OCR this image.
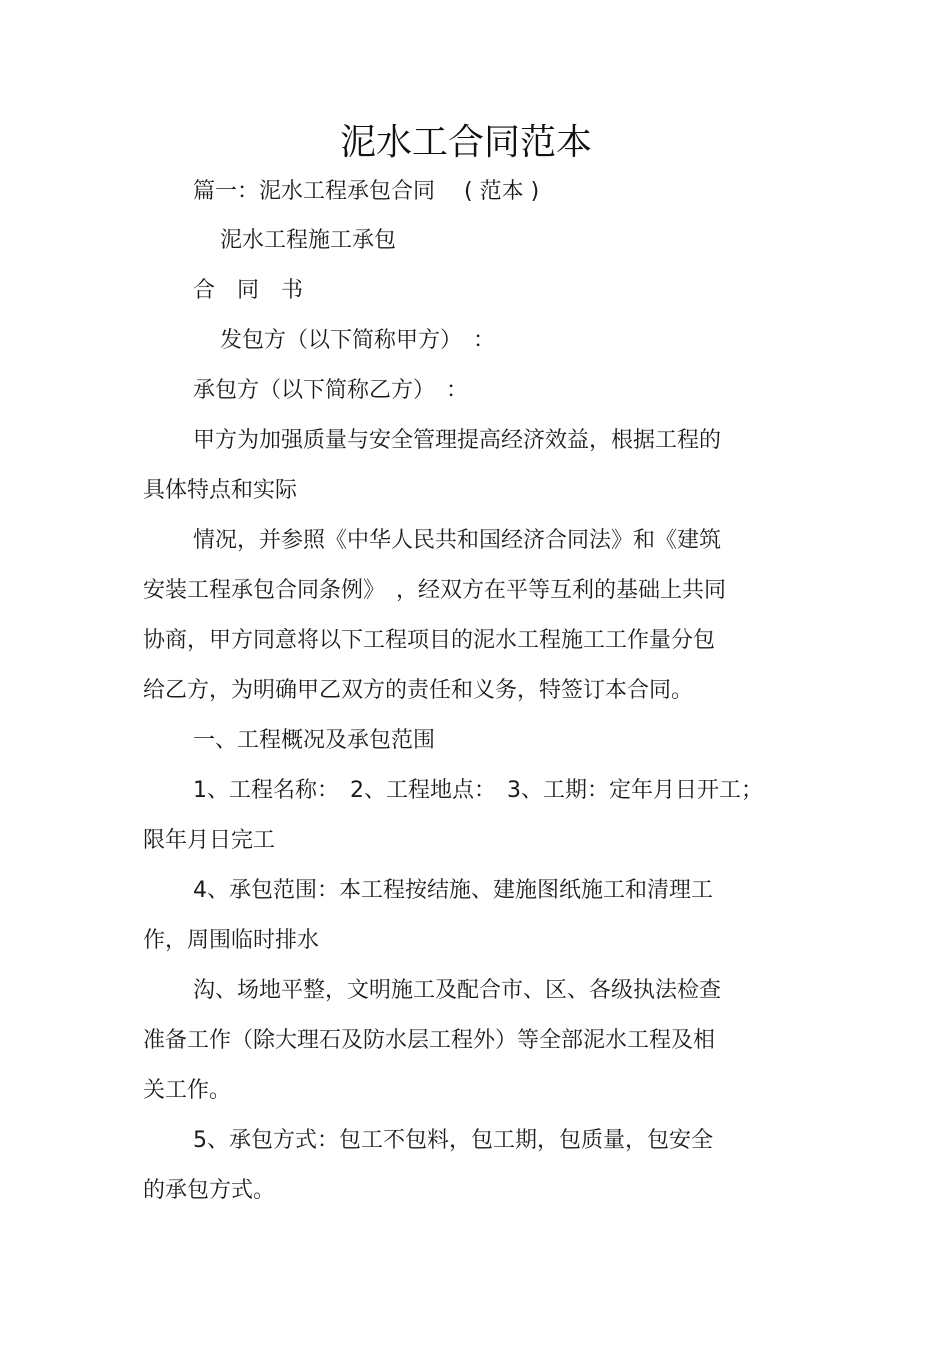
泥水工合同范本
篇一：泥水工程承包合同　 ( 范本 )
泥水工程施工承包
合　同　书
发包方（以下简称甲方）　：
承包方（以下简称乙方）　：
甲方为加强质量与安全管理提高经济效益，根据工程的
具体特点和实际
情况，并参照《中华人民共和国经济合同法》和《建筑
安装工程承包合同条例》　，经双方在平等互利的基础上共同
协商，甲方同意将以下工程项目的泥水工程施工工作量分包
给乙方，为明确甲乙双方的责任和义务，特签订本合同。
一、工程概况及承包范围
1、工程名称：　2、工程地点：　3、工期：定年月日开工；
限年月日完工
4、承包范围：本工程按结施、建施图纸施工和清理工
作，周围临时排水
沟、场地平整，文明施工及配合市、区、各级执法检查
准备工作（除大理石及防水层工程外）等全部泥水工程及相
关工作。
5、承包方式：包工不包料，包工期，包质量，包安全
的承包方式。
